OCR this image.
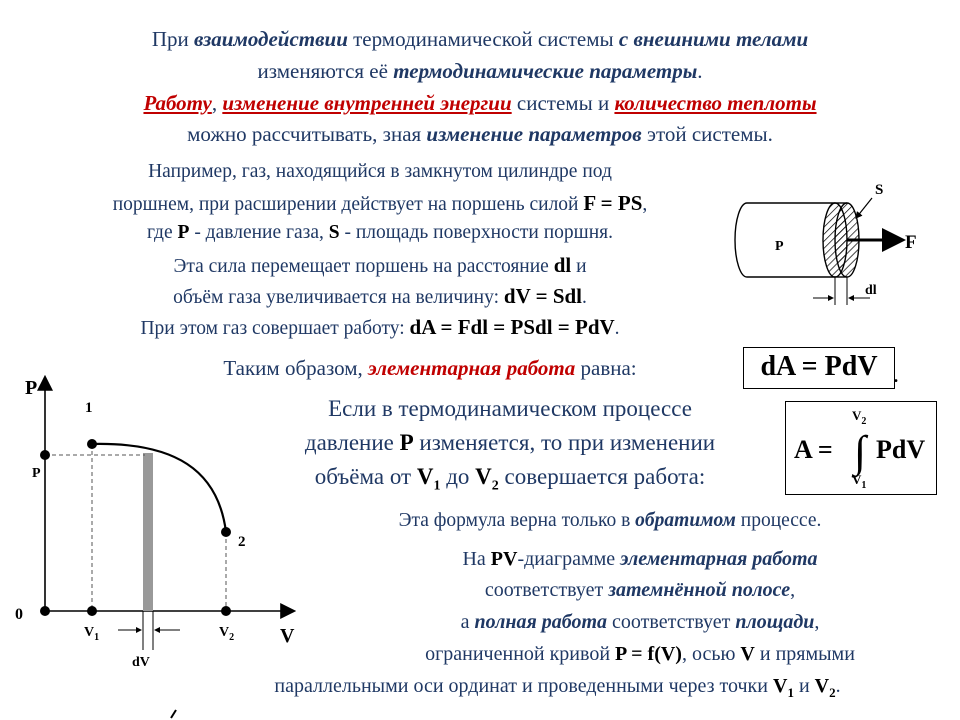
При взаимодействии термодинамической системы с внешними телами
изменяются её термодинамические параметры.
Работу, изменение внутренней энергии системы и количество теплоты
можно рассчитывать, зная изменение параметров этой системы.
Например, газ, находящийся в замкнутом цилиндре под
поршнем, при расширении действует на поршень силой F = PS,
где P - давление газа, S - площадь поверхности поршня.
Эта сила перемещает поршень на расстояние dl и
объём газа увеличивается на величину: dV = Sdl.
При этом газ совершает работу: dA = Fdl = PSdl = PdV.
Таким образом, элементарная работа равна:	dA = PdV .
Если в термодинамическом процессе
давление P изменяется, то при изменении
объёма от $V_1$ до $V_2$ совершается работа:
A = ∫
$V_2$
$V_1$
PdV
Эта формула верна только в обратимом процессе.
На PV-диаграмме элементарная работа
соответствует затемнённой полосе,
а полная работа соответствует площади,
ограниченной кривой P = f(V), осью V и прямыми
параллельными оси ординат и проведенными через точки $V_1$ и $V_2$.
S
F
P
dl
P
V
0
P
1
2
$V_1$	$V_2$
dV
